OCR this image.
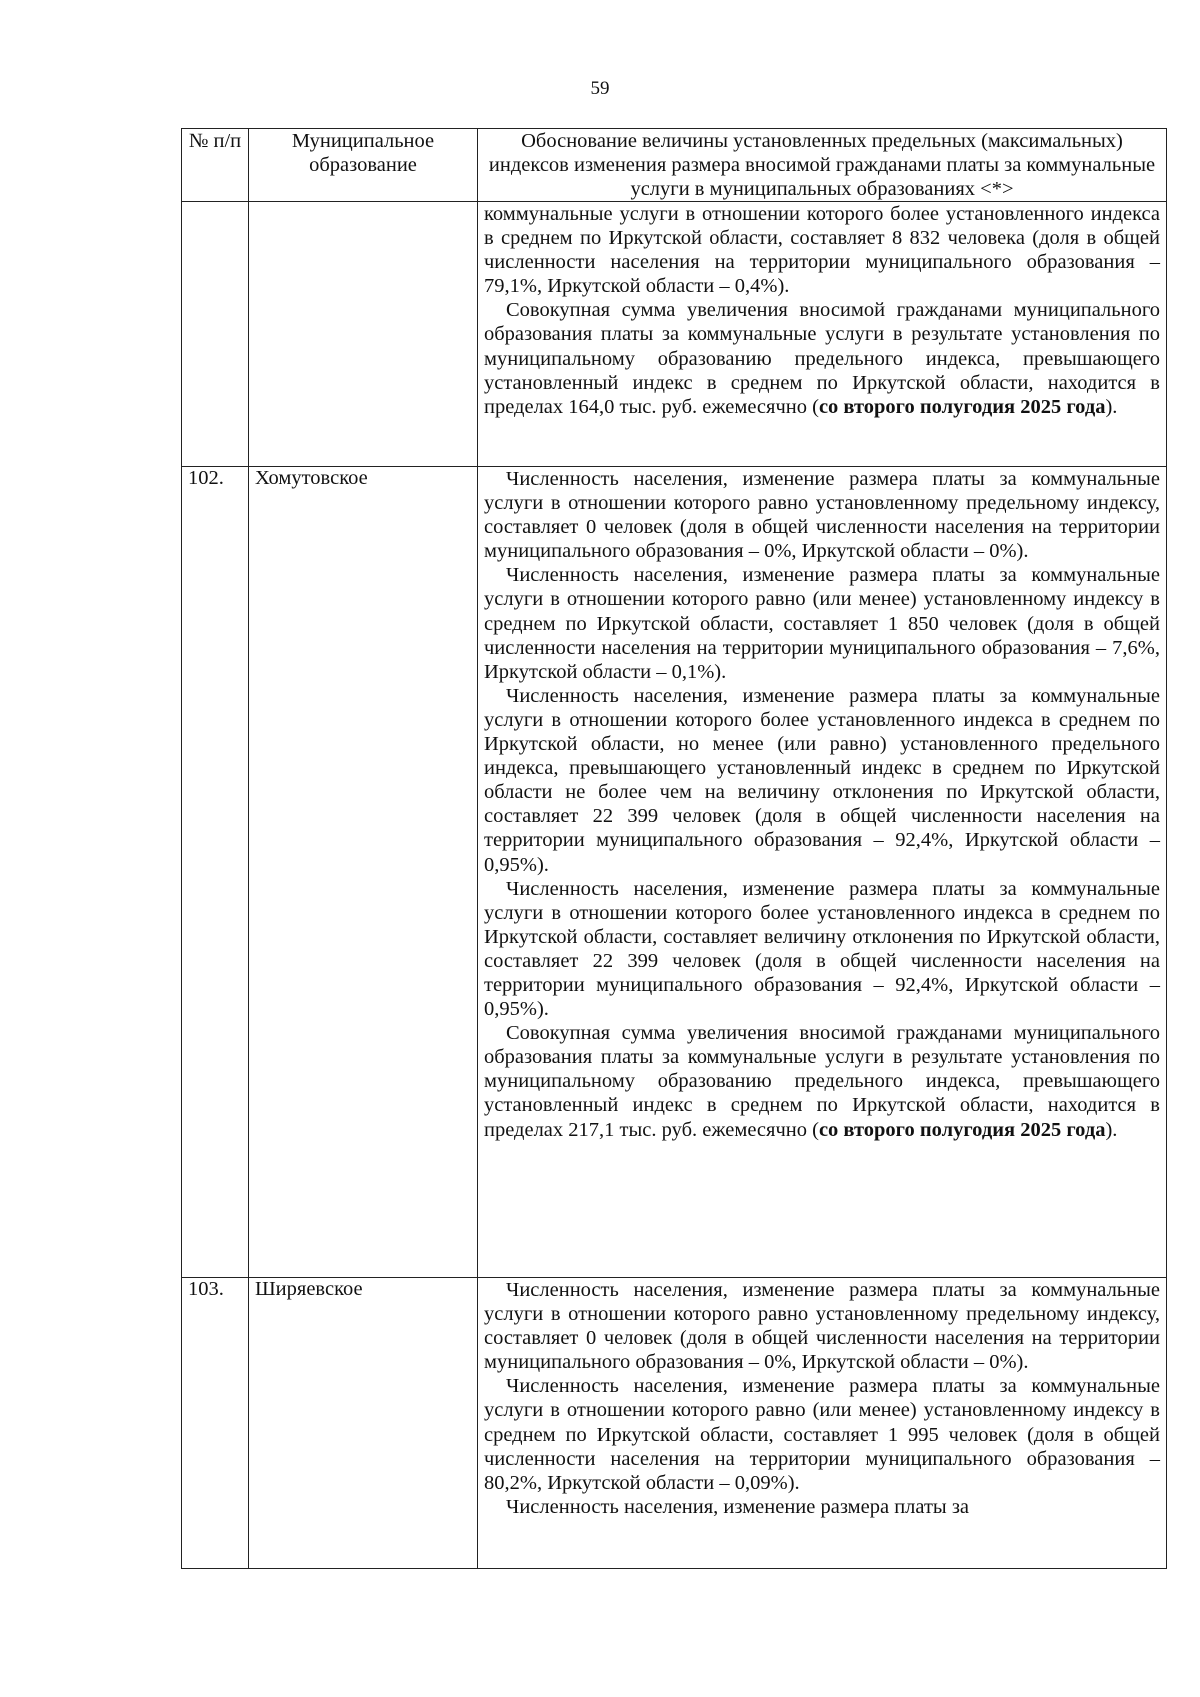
59
№ п/п	Муниципальное образование	Обоснование величины установленных предельных (максимальных) индексов изменения размера вносимой гражданами платы за коммунальные услуги в муниципальных образованиях <*>

		коммунальные услуги в отношении которого более установленного индекса в среднем по Иркутской области, составляет 8 832 человека (доля в общей численности населения на территории муниципального образования – 79,1%, Иркутской области – 0,4%).

Совокупная сумма увеличения вносимой гражданами муниципального образования платы за коммунальные услуги в результате установления по муниципальному образованию предельного индекса, превышающего установленный индекс в среднем по Иркутской области, находится в пределах 164,0 тыс. руб. ежемесячно (со второго полугодия 2025 года).

102.	Хомутовское	Численность населения, изменение размера платы за коммунальные услуги в отношении которого равно установленному предельному индексу, составляет 0 человек (доля в общей численности населения на территории муниципального образования – 0%, Иркутской области – 0%).

Численность населения, изменение размера платы за коммунальные услуги в отношении которого равно (или менее) установленному индексу в среднем по Иркутской области, составляет 1 850 человек (доля в общей численности населения на территории муниципального образования – 7,6%, Иркутской области – 0,1%).

Численность населения, изменение размера платы за коммунальные услуги в отношении которого более установленного индекса в среднем по Иркутской области, но менее (или равно) установленного предельного индекса, превышающего установленный индекс в среднем по Иркутской области не более чем на величину отклонения по Иркутской области, составляет 22 399 человек (доля в общей численности населения на территории муниципального образования – 92,4%, Иркутской области – 0,95%).

Численность населения, изменение размера платы за коммунальные услуги в отношении которого более установленного индекса в среднем по Иркутской области, составляет величину отклонения по Иркутской области, составляет 22 399 человек (доля в общей численности населения на территории муниципального образования – 92,4%, Иркутской области – 0,95%).

Совокупная сумма увеличения вносимой гражданами муниципального образования платы за коммунальные услуги в результате установления по муниципальному образованию предельного индекса, превышающего установленный индекс в среднем по Иркутской области, находится в пределах 217,1 тыс. руб. ежемесячно (со второго полугодия 2025 года).

103.	Ширяевское	Численность населения, изменение размера платы за коммунальные услуги в отношении которого равно установленному предельному индексу, составляет 0 человек (доля в общей численности населения на территории муниципального образования – 0%, Иркутской области – 0%).

Численность населения, изменение размера платы за коммунальные услуги в отношении которого равно (или менее) установленному индексу в среднем по Иркутской области, составляет 1 995 человек (доля в общей численности населения на территории муниципального образования – 80,2%, Иркутской области – 0,09%).

Численность населения, изменение размера платы за
